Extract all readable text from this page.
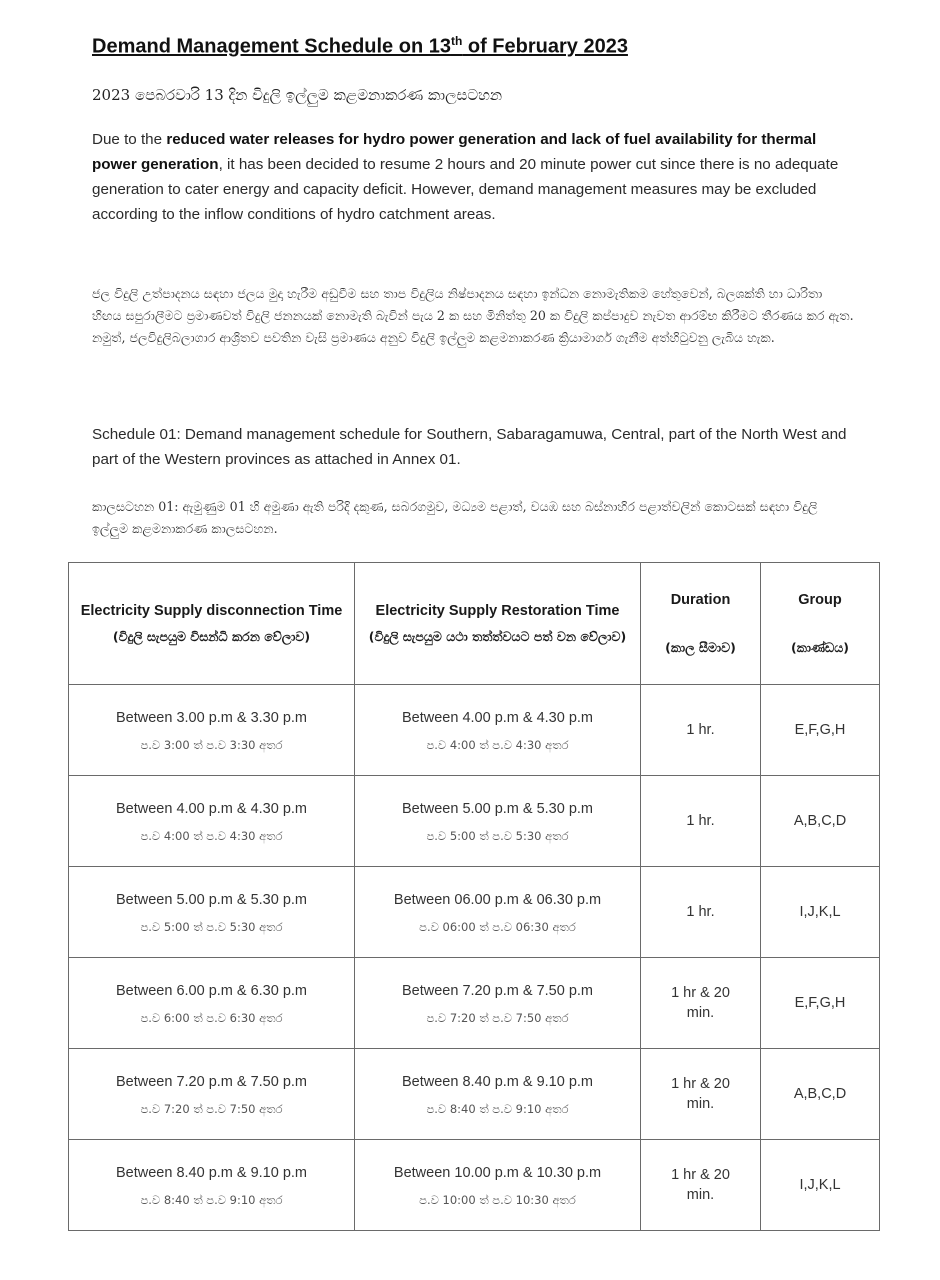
Demand Management Schedule on 13th of February 2023
2023 පෙබරවාරි 13 දින විදුලි ඉල්ලුම කළමනාකරණ කාලසටහන
Due to the reduced water releases for hydro power generation and lack of fuel availability for thermal power generation, it has been decided to resume 2 hours and 20 minute power cut since there is no adequate generation to cater energy and capacity deficit. However, demand management measures may be excluded according to the inflow conditions of hydro catchment areas.
ජල විදුලි උත්පාදනය සඳහා ජලය මුදා හැරීම අඩුවීම සහ තාප විදුලිය නිෂ්පාදනය සඳහා ඉන්ධන නොමැතිකම හේතුවෙන්, බලශක්ති හා ධාරිතා හිඟය සපුරාලීමට ප්‍රමාණවත් විදුලි ජනනයක් නොමැති බැවින් පැය 2 ක සහ මිනිත්තු 20 ක විදුලි කප්පාදුව නැවත ආරම්භ කිරීමට තීරණය කර ඇත. නමුත්, ජලවිදුලිබලාගාර ආශ්‍රිතව පවතින වැසි ප්‍රමාණය අනුව විදුලි ඉල්ලුම කළමනාකරණ ක්‍රියාමාර්ග ගැනීම අත්හිටුවනු ලැබිය හැක.
Schedule 01: Demand management schedule for Southern, Sabaragamuwa, Central, part of the North West and part of the Western provinces as attached in Annex 01.
කාලසටහන 01: ඇමුණුම 01 හි අමුණා ඇති පරිදි දකුණ, සබරගමුව, මධ්‍යම පළාත්, වයඹ සහ බස්නාහිර පළාත්වලින් කොටසක් සඳහා විදුලි ඉල්ලුම කළමනාකරණ කාලසටහන.
Electricity Supply disconnection Time
(විදුලි සැපයුම විසන්ධි කරන වේලාව)	Electricity Supply Restoration Time
(විදුලි සැපයුම යථා තත්ත්වයට පත් වන වේලාව)	Duration
(කාල සීමාව)	Group
(කාණ්ඩය)

Between 3.00 p.m & 3.30 p.m
ප.ව 3:00 ත් ප.ව 3:30 අතර	Between 4.00 p.m & 4.30 p.m
ප.ව 4:00 ත් ප.ව 4:30 අතර	1 hr.	E,F,G,H

Between 4.00 p.m & 4.30 p.m
ප.ව 4:00 ත් ප.ව 4:30 අතර	Between 5.00 p.m & 5.30 p.m
ප.ව 5:00 ත් ප.ව 5:30 අතර	1 hr.	A,B,C,D

Between 5.00 p.m & 5.30 p.m
ප.ව 5:00 ත් ප.ව 5:30 අතර	Between 06.00 p.m & 06.30 p.m
ප.ව 06:00 ත් ප.ව 06:30 අතර	1 hr.	I,J,K,L

Between 6.00 p.m & 6.30 p.m
ප.ව 6:00 ත් ප.ව 6:30 අතර	Between 7.20 p.m & 7.50 p.m
ප.ව 7:20 ත් ප.ව 7:50 අතර	1 hr & 20
min.	E,F,G,H

Between 7.20 p.m & 7.50 p.m
ප.ව 7:20 ත් ප.ව 7:50 අතර	Between 8.40 p.m & 9.10 p.m
ප.ව 8:40 ත් ප.ව 9:10 අතර	1 hr & 20
min.	A,B,C,D

Between 8.40 p.m & 9.10 p.m
ප.ව 8:40 ත් ප.ව 9:10 අතර	Between 10.00 p.m & 10.30 p.m
ප.ව 10:00 ත් ප.ව 10:30 අතර	1 hr & 20
min.	I,J,K,L
